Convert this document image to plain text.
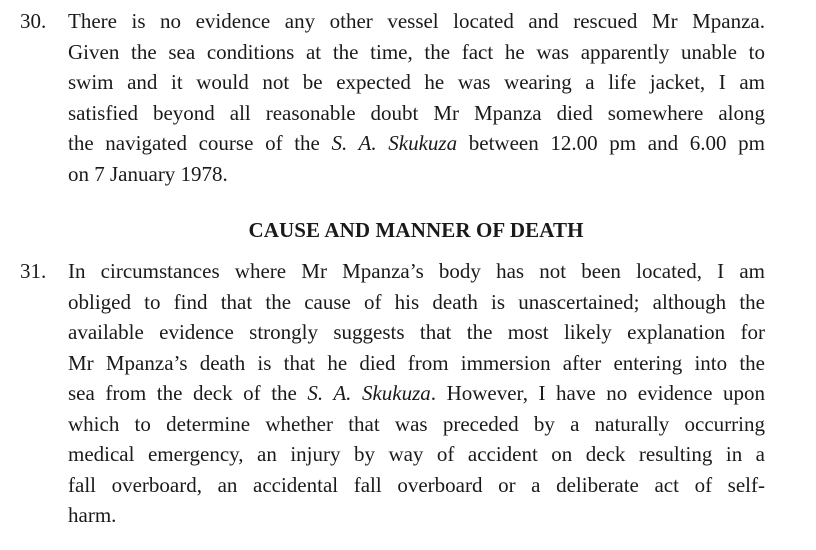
30. There is no evidence any other vessel located and rescued Mr Mpanza.
Given the sea conditions at the time, the fact he was apparently unable to
swim and it would not be expected he was wearing a life jacket, I am
satisfied beyond all reasonable doubt Mr Mpanza died somewhere along
the navigated course of the S. A. Skukuza between 12.00 pm and 6.00 pm
on 7 January 1978.
CAUSE AND MANNER OF DEATH
31. In circumstances where Mr Mpanza’s body has not been located, I am
obliged to find that the cause of his death is unascertained; although the
available evidence strongly suggests that the most likely explanation for
Mr Mpanza’s death is that he died from immersion after entering into the
sea from the deck of the S. A. Skukuza. However, I have no evidence upon
which to determine whether that was preceded by a naturally occurring
medical emergency, an injury by way of accident on deck resulting in a
fall overboard, an accidental fall overboard or a deliberate act of self-
harm.
